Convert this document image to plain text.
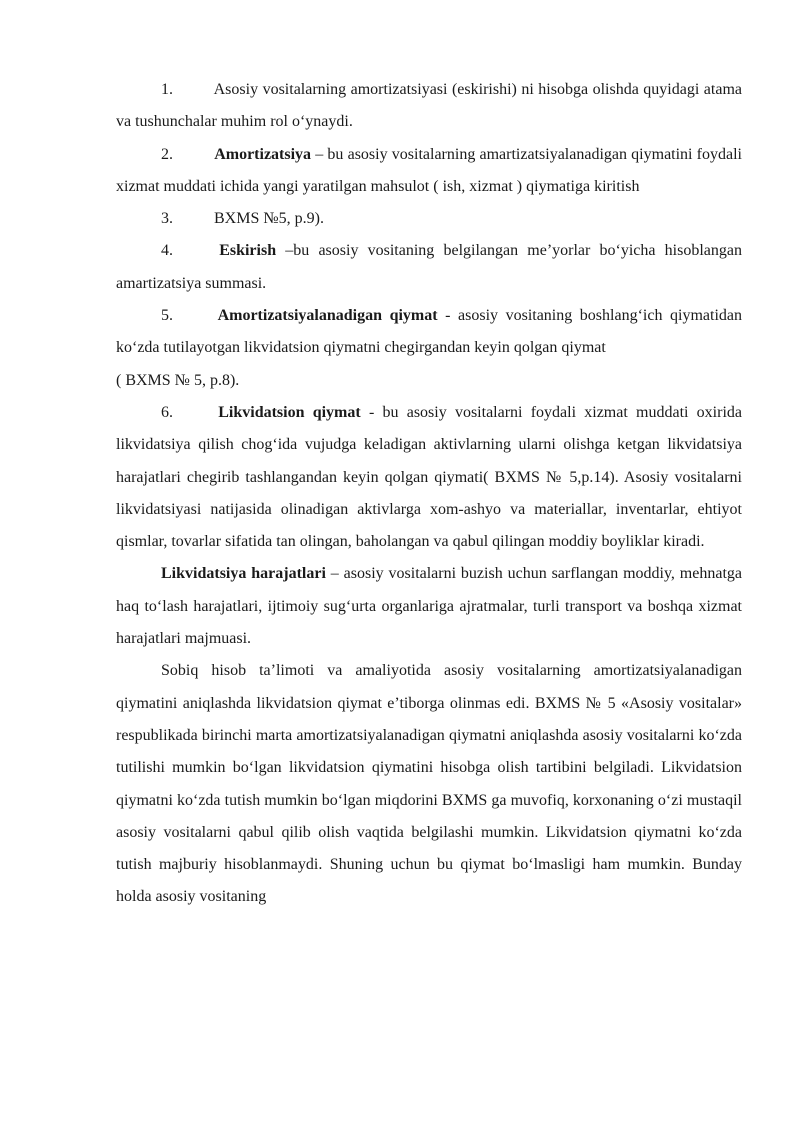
1.	Asosiy vositalarning amortizatsiyasi (eskirishi) ni hisobga olishda quyidagi atama va tushunchalar muhim rol o‘ynaydi.

2.	Amortizatsiya – bu asosiy vositalarning amartizatsiyalanadigan qiymatini foydali xizmat muddati ichida yangi yaratilgan mahsulot ( ish, xizmat ) qiymatiga kiritish

3.	BXMS №5, p.9).

4.	Eskirish –bu asosiy vositaning belgilangan me’yorlar bo‘yicha hisoblangan amartizatsiya summasi.

5.	Amortizatsiyalanadigan qiymat - asosiy vositaning boshlang‘ich qiymatidan ko‘zda tutilayotgan likvidatsion qiymatni chegirgandan keyin qolgan qiymat

( BXMS № 5, p.8).

6.	Likvidatsion qiymat - bu asosiy vositalarni foydali xizmat muddati oxirida likvidatsiya qilish chog‘ida vujudga keladigan aktivlarning ularni olishga ketgan likvidatsiya harajatlari chegirib tashlangandan keyin qolgan qiymati( BXMS № 5,p.14). Asosiy vositalarni likvidatsiyasi natijasida olinadigan aktivlarga xom-ashyo va materiallar, inventarlar, ehtiyot qismlar, tovarlar sifatida tan olingan, baholangan va qabul qilingan moddiy boyliklar kiradi.

Likvidatsiya harajatlari – asosiy vositalarni buzish uchun sarflangan moddiy, mehnatga haq to‘lash harajatlari, ijtimoiy sug‘urta organlariga ajratmalar, turli transport va boshqa xizmat harajatlari majmuasi.

Sobiq hisob ta’limoti va amaliyotida asosiy vositalarning amortizatsiyalanadigan qiymatini aniqlashda likvidatsion qiymat e’tiborga olinmas edi. BXMS № 5 «Asosiy vositalar» respublikada birinchi marta amortizatsiyalanadigan qiymatni aniqlashda asosiy vositalarni ko‘zda tutilishi mumkin bo‘lgan likvidatsion qiymatini hisobga olish tartibini belgiladi. Likvidatsion qiymatni ko‘zda tutish mumkin bo‘lgan miqdorini BXMS ga muvofiq, korxonaning o‘zi mustaqil asosiy vositalarni qabul qilib olish vaqtida belgilashi mumkin. Likvidatsion qiymatni ko‘zda tutish majburiy hisoblanmaydi. Shuning uchun bu qiymat bo‘lmasligi ham mumkin. Bunday holda asosiy vositaning
